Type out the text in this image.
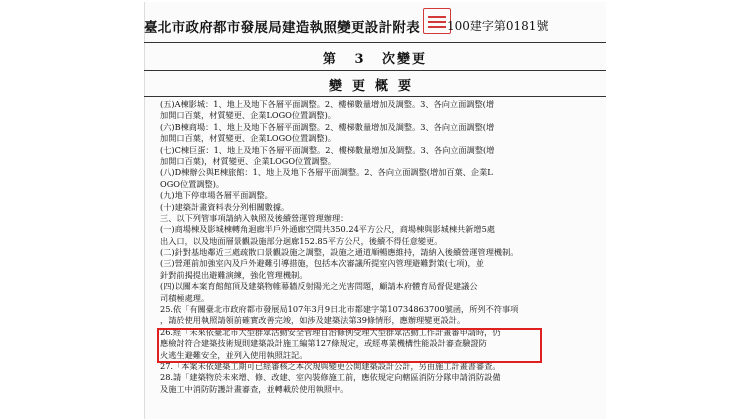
臺北市政府都市發展局建造執照變更設計附表 100建字第0181號
第 3 次變更
變更概要
(五)A棟影城：1、地上及地下各層平面調整。2、樓梯數量增加及調整。3、各向立面調整(增
加開口百葉，材質變更、企業LOGO位置調整)。
(六)B棟商場：1、地上及地下各層平面調整。2、樓梯數量增加及調整。3、各向立面調整(增
加開口百葉，材質變更、企業LOGO位置調整)。
(七)C棟巨蛋：1、地上及地下各層平面調整。2、樓梯數量增加及調整。3、各向立面調整(增
加開口百葉)，材質變更、企業LOGO位置調整。
(八)D棟辦公與E棟旅館：1、地上及地下各層平面調整。2、各向立面調整(增加百葉、企業L
OGO位置調整)。
(九)地下停車場各層平面調整。
(十)建築計畫資料表分列相關數據。
三、以下列管事項請納入執照及後續營運管理辦理：
(一)商場棟及影城棟轉角迴廊半戶外通廊空間共350.24平方公尺，商場棟與影城棟共新增5處
出入口，以及地面層景觀設施部分迴廊152.85平方公尺，後續不得任意變更。
(二)針對基地鄰近三處疏散口景觀設施之調整，設施之通道順暢應維持，請納入後續營運管理機制。
(三)營運前加強室內及戶外避難引導措施，包括本次審議所提室內管理避難對策(七項)，並
針對前揭提出避難演練，強化管理機制。
(四)以關本案育館館頂及建築物帷幕牆反射陽光之光害問題，顧請本府體育局督促建議公
司積極處理。
25.依「有關臺北市政府都市發展局107年3月9日北市都建字第10734863700號函，所列不符事項
，請於使用執照請領前確實改善完竣，如涉及建築法第39條情形，應辦理變更設計。
26.經「未來依臺北市大型群眾活動安全管理自治條例受理大型群眾活動工作計畫審申請時，仍
應檢討符合建築技術規則建築設計施工編第127條規定，或經專業機構性能設計審查驗證防
火逃生避難安全，並列入使用執照註記。
27.「本案未依建築工期可已經審核之本次規與變更公開建築設計公計，另由施工計畫書審查。
28.請「建築物於未來增、修、改建、室內裝修施工前，應依規定向轄區消防分隊申請消防設備
及施工中消防防護計畫審查，並轉載於使用執照中。
